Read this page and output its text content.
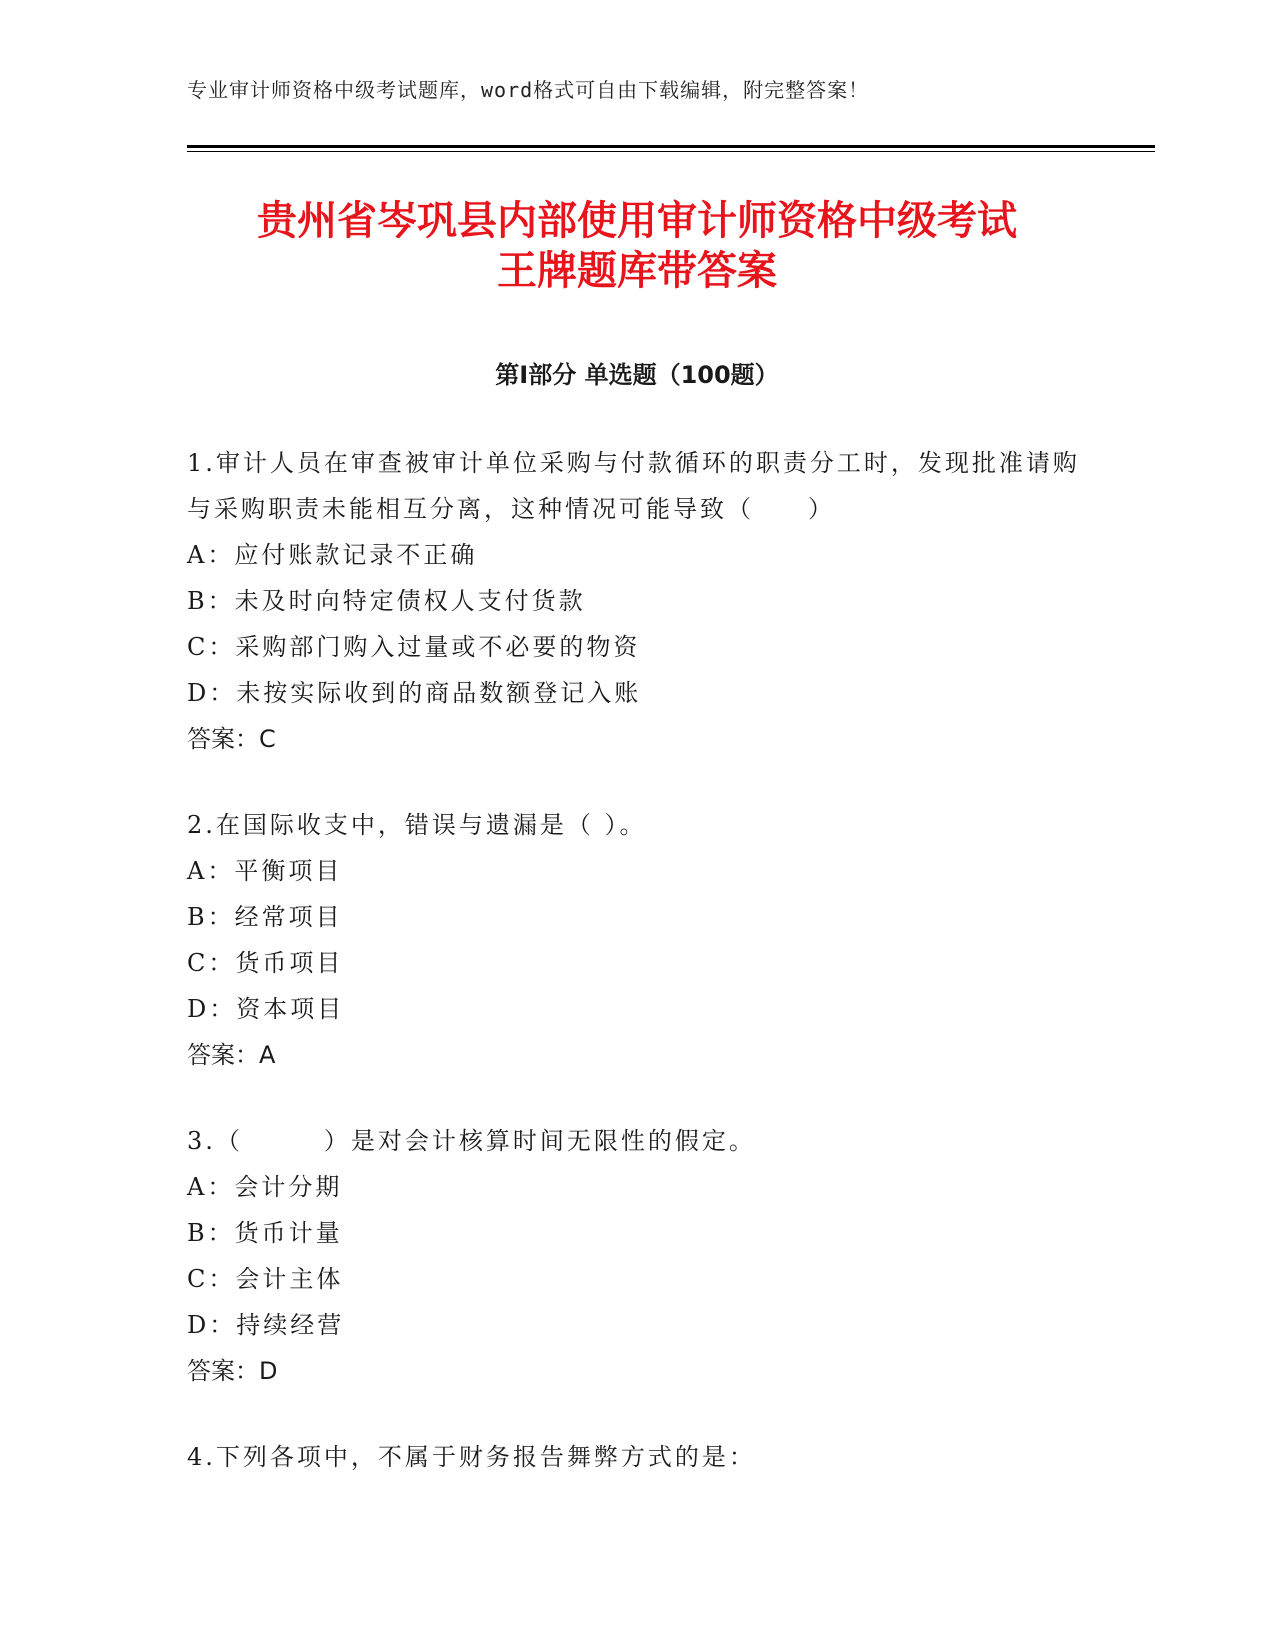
专业审计师资格中级考试题库，word格式可自由下载编辑，附完整答案！
贵州省岑巩县内部使用审计师资格中级考试
王牌题库带答案
第Ⅰ部分 单选题（100题）
1.审计人员在审查被审计单位采购与付款循环的职责分工时，发现批准请购与采购职责未能相互分离，这种情况可能导致（　　）
A：应付账款记录不正确
B：未及时向特定债权人支付货款
C：采购部门购入过量或不必要的物资
D：未按实际收到的商品数额登记入账
答案：C
2.在国际收支中，错误与遗漏是（ ）。
A：平衡项目
B：经常项目
C：货币项目
D：资本项目
答案：A
3.（　　　）是对会计核算时间无限性的假定。
A：会计分期
B：货币计量
C：会计主体
D：持续经营
答案：D
4.下列各项中，不属于财务报告舞弊方式的是：
